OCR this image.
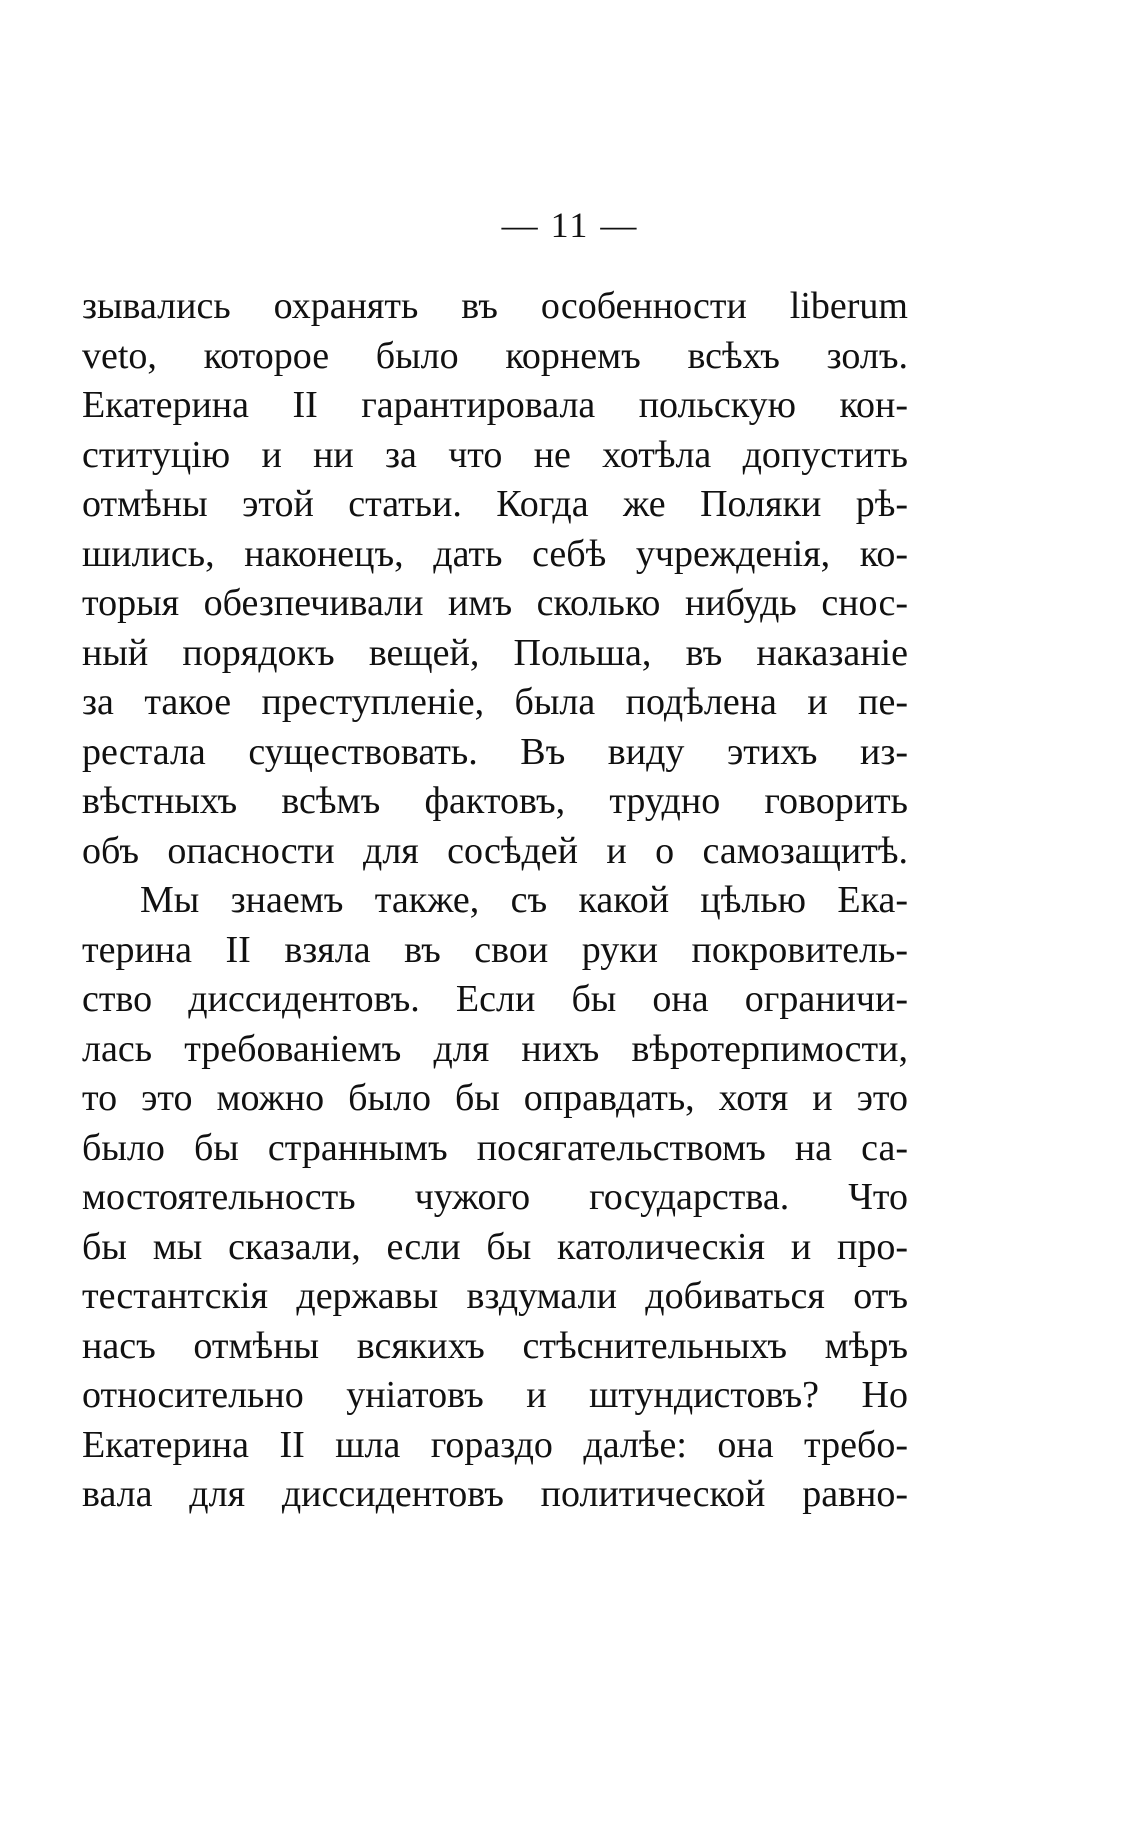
— 11 —
зывались охранять въ особенности liberum
veto, которое было корнемъ всѣхъ золъ.
Екатерина II гарантировала польскую кон-
ституцію и ни за что не хотѣла допустить
отмѣны этой статьи. Когда же Поляки рѣ-
шились, наконецъ, дать себѣ учрежденія, ко-
торыя обезпечивали имъ сколько нибудь снос-
ный порядокъ вещей, Польша, въ наказаніе
за такое преступленіе, была подѣлена и пе-
рестала существовать. Въ виду этихъ из-
вѣстныхъ всѣмъ фактовъ, трудно говорить
объ опасности для сосѣдей и о самозащитѣ.
Мы знаемъ также, съ какой цѣлью Ека-
терина II взяла въ свои руки покровитель-
ство диссидентовъ. Если бы она ограничи-
лась требованіемъ для нихъ вѣротерпимости,
то это можно было бы оправдать, хотя и это
было бы страннымъ посягательствомъ на са-
мостоятельность чужого государства. Что
бы мы сказали, если бы католическія и про-
тестантскія державы вздумали добиваться отъ
насъ отмѣны всякихъ стѣснительныхъ мѣръ
относительно уніатовъ и штундистовъ? Но
Екатерина II шла гораздо далѣе: она требо-
вала для диссидентовъ политической равно-
